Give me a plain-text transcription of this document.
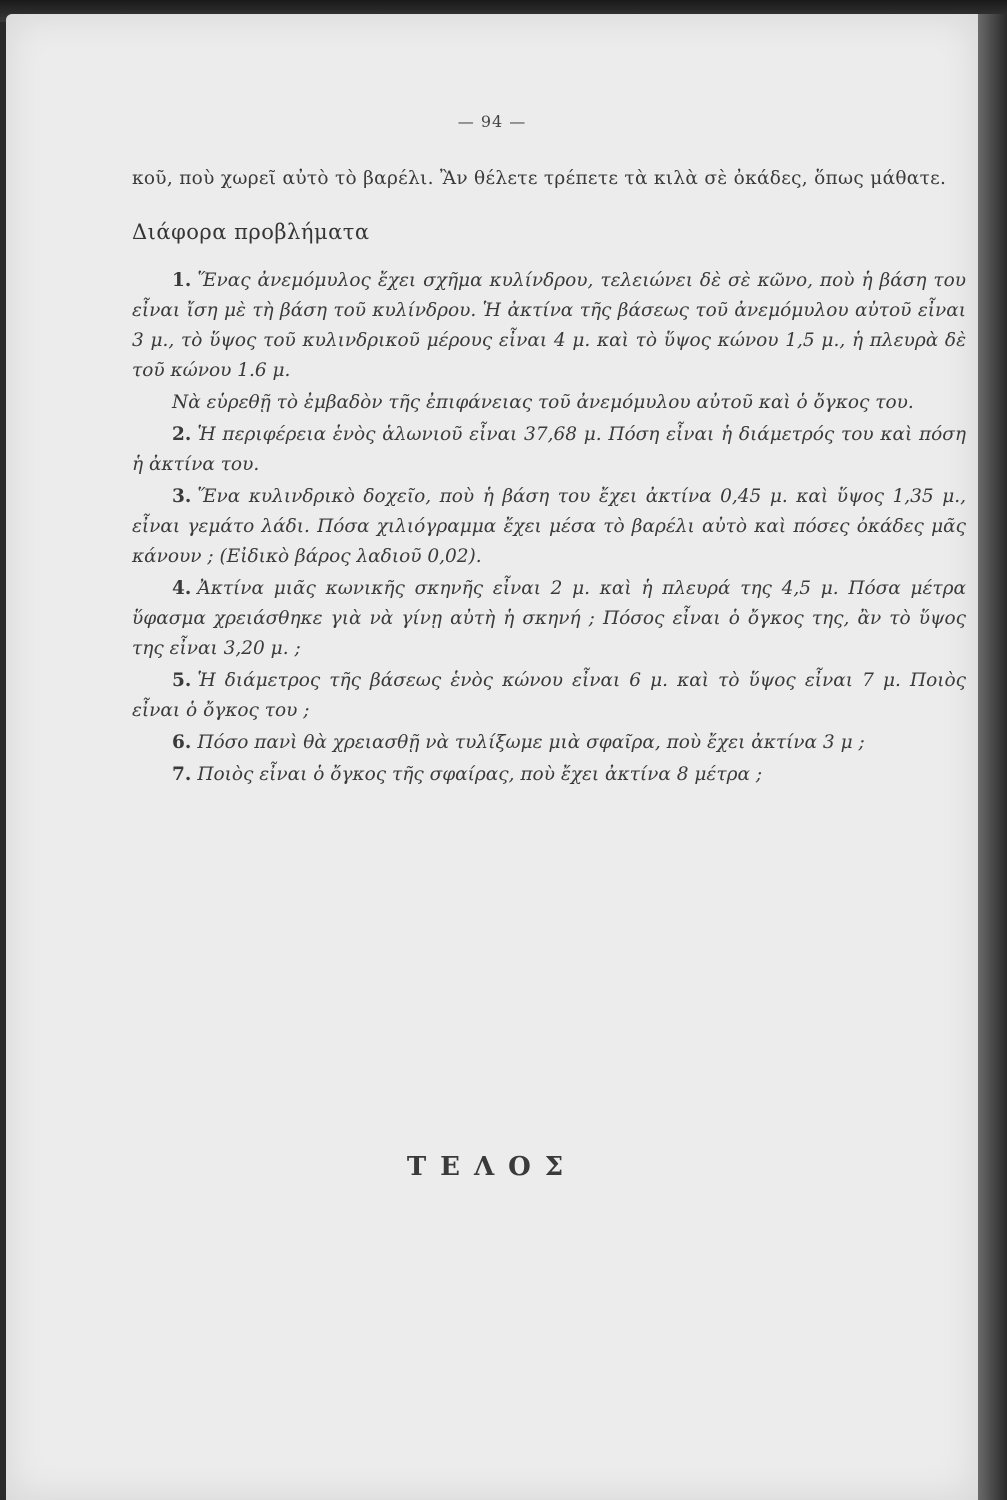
— 94 —

κοῦ, ποὺ χωρεῖ αὐτὸ τὸ βαρέλι. Ἂν θέλετε τρέπετε τὰ κιλὰ σὲ ὀκάδες, ὅπως μάθατε.

Διάφορα προβλήματα

1. Ἕνας ἀνεμόμυλος ἔχει σχῆμα κυλίνδρου, τελειώνει δὲ σὲ κῶνο, ποὺ ἡ βάση του εἶναι ἴση μὲ τὴ βάση τοῦ κυλίνδρου. Ἡ ἀκτίνα τῆς βάσεως τοῦ ἀνεμόμυλου αὐτοῦ εἶναι 3 μ., τὸ ὕψος τοῦ κυλινδρικοῦ μέρους εἶναι 4 μ. καὶ τὸ ὕψος κώνου 1,5 μ., ἡ πλευρὰ δὲ τοῦ κώνου 1.6 μ.

Νὰ εὑρεθῇ τὸ ἐμβαδὸν τῆς ἐπιφάνειας τοῦ ἀνεμόμυλου αὐτοῦ καὶ ὁ ὄγκος του.

2. Ἡ περιφέρεια ἑνὸς ἁλωνιοῦ εἶναι 37,68 μ. Πόση εἶναι ἡ διάμετρός του καὶ πόση ἡ ἀκτίνα του.

3. Ἕνα κυλινδρικὸ δοχεῖο, ποὺ ἡ βάση του ἔχει ἀκτίνα 0,45 μ. καὶ ὕψος 1,35 μ., εἶναι γεμάτο λάδι. Πόσα χιλιόγραμμα ἔχει μέσα τὸ βαρέλι αὐτὸ καὶ πόσες ὀκάδες μᾶς κάνουν ; (Εἰδικὸ βάρος λαδιοῦ 0,02).

4. Ἀκτίνα μιᾶς κωνικῆς σκηνῆς εἶναι 2 μ. καὶ ἡ πλευρά της 4,5 μ. Πόσα μέτρα ὕφασμα χρειάσθηκε γιὰ νὰ γίνῃ αὐτὴ ἡ σκηνή ; Πόσος εἶναι ὁ ὄγκος της, ἂν τὸ ὕψος της εἶναι 3,20 μ. ;

5. Ἡ διάμετρος τῆς βάσεως ἑνὸς κώνου εἶναι 6 μ. καὶ τὸ ὕψος εἶναι 7 μ. Ποιὸς εἶναι ὁ ὄγκος του ;

6. Πόσο πανὶ θὰ χρειασθῇ νὰ τυλίξωμε μιὰ σφαῖρα, ποὺ ἔχει ἀκτίνα 3 μ ;

7. Ποιὸς εἶναι ὁ ὄγκος τῆς σφαίρας, ποὺ ἔχει ἀκτίνα 8 μέτρα ;

ΤΕΛΟΣ
